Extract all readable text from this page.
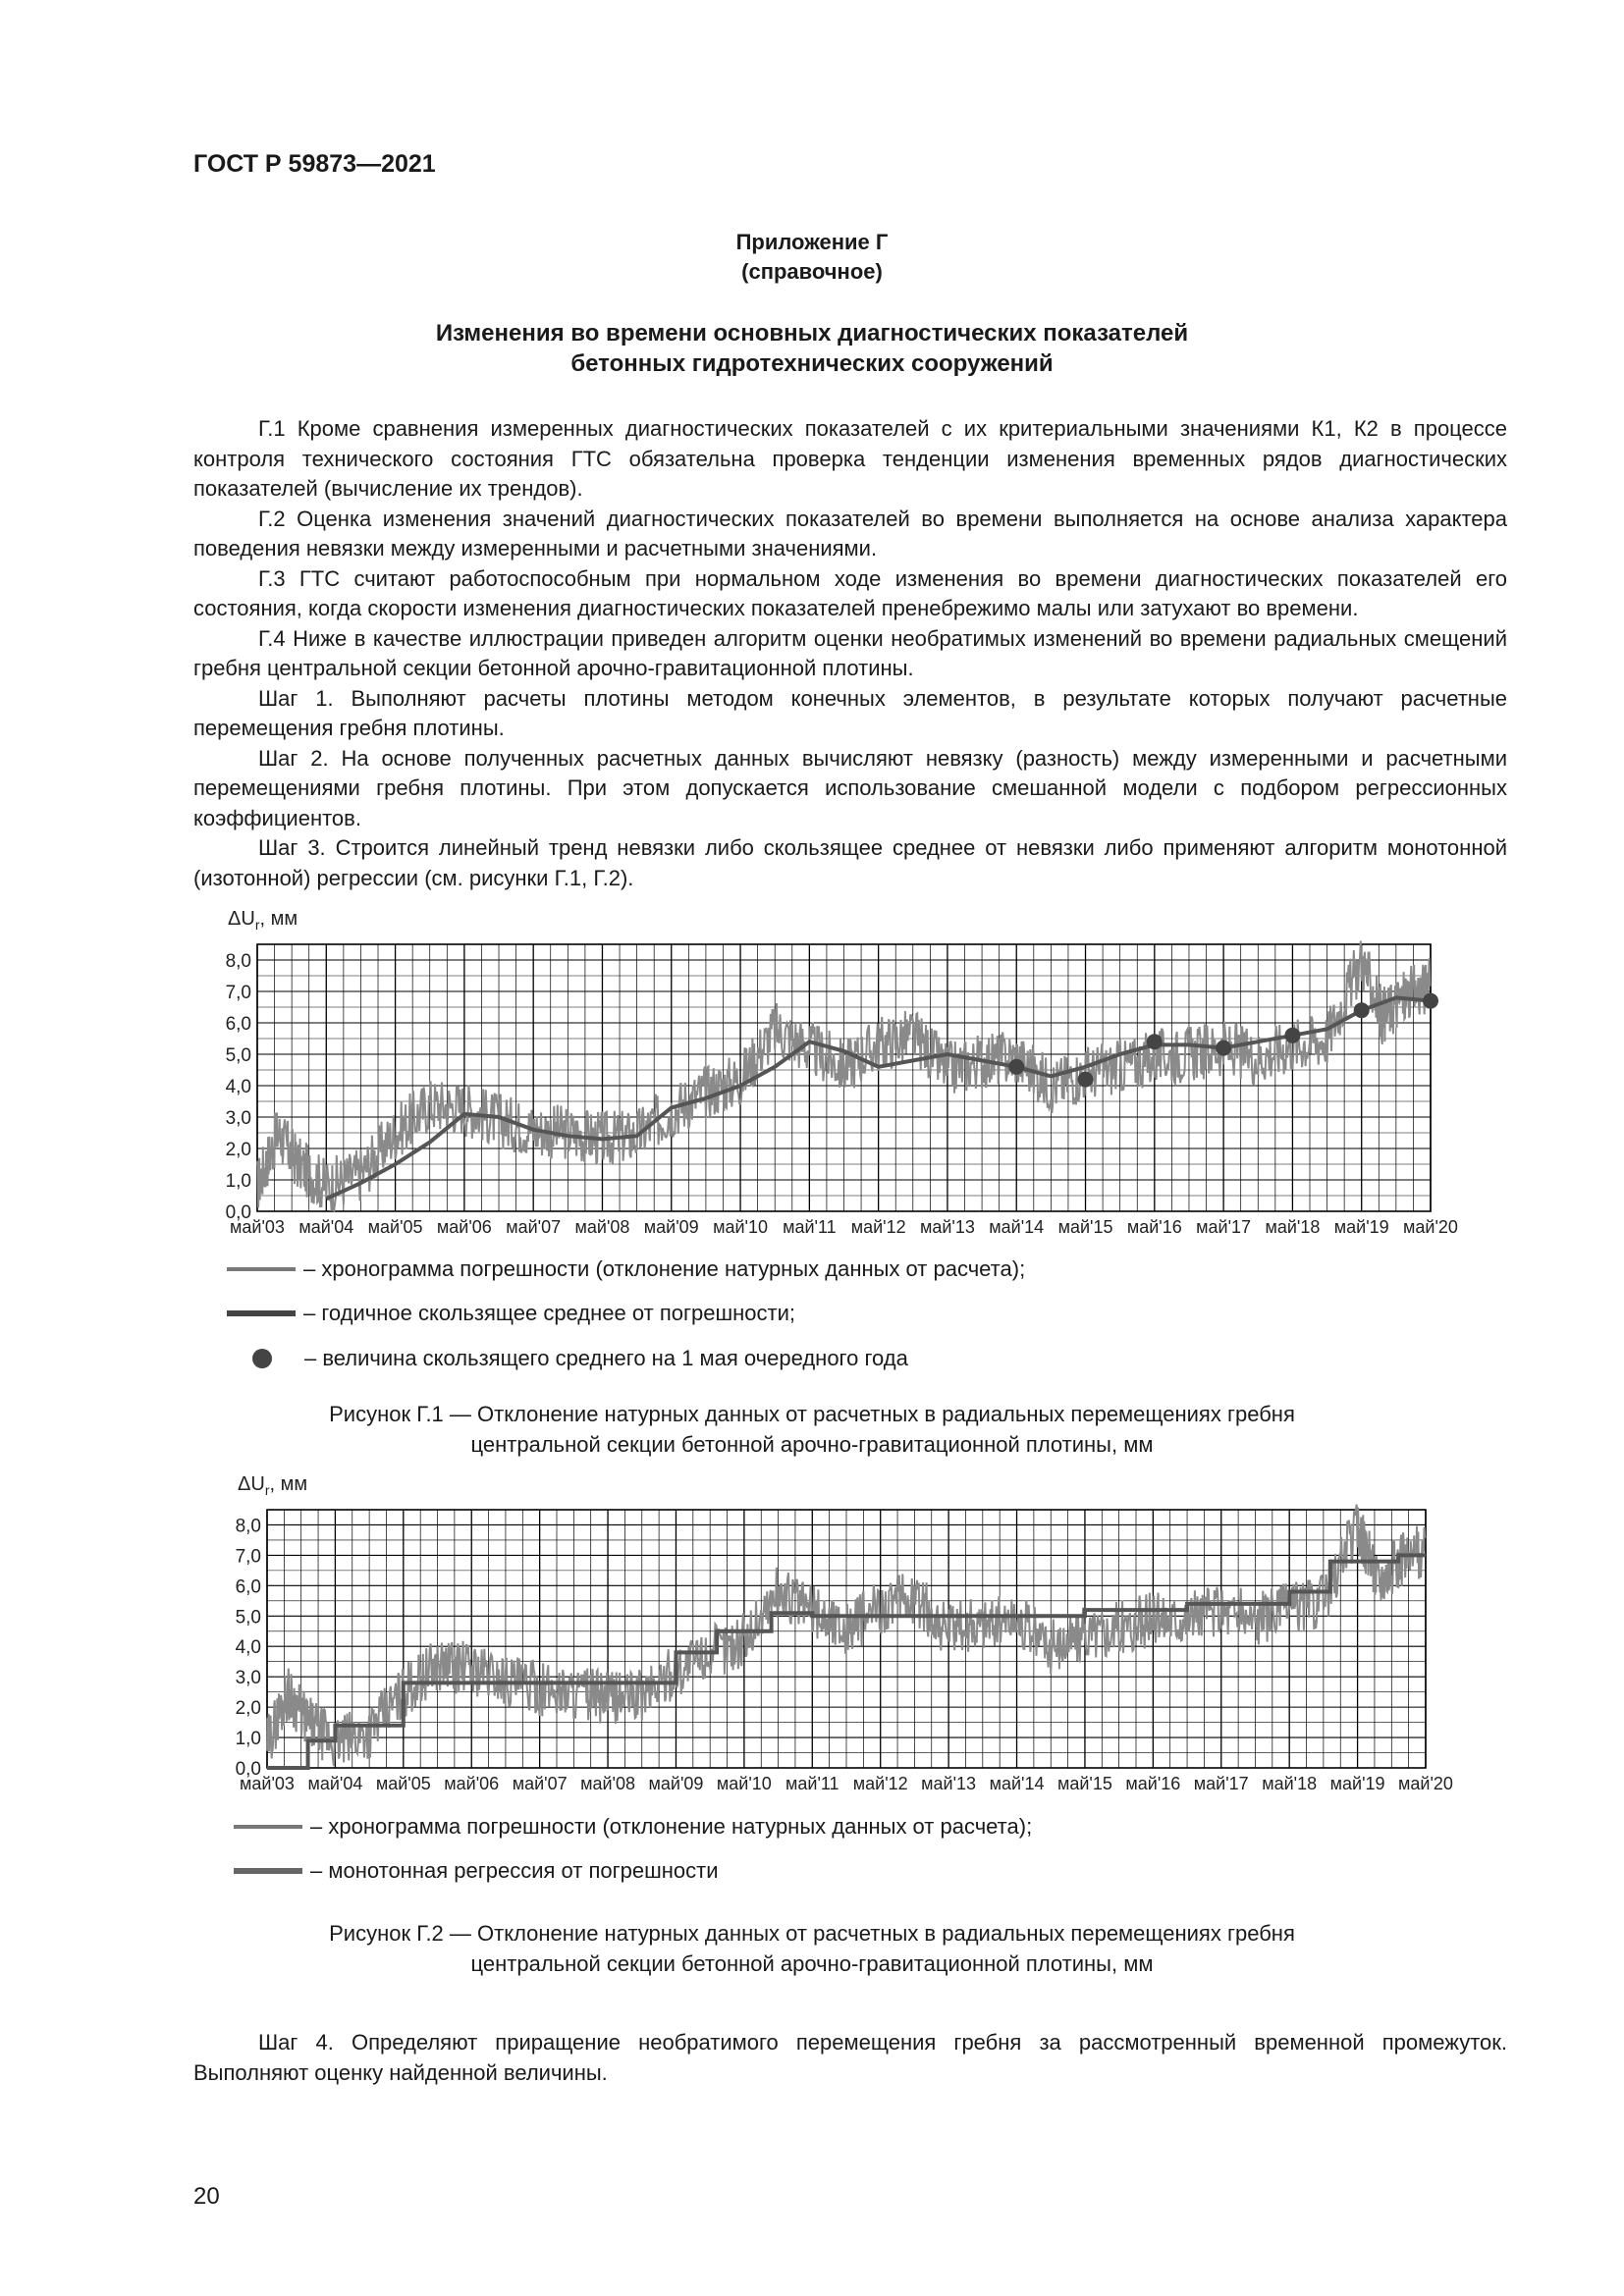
ГОСТ Р 59873—2021
Приложение Г
(справочное)
Изменения во времени основных диагностических показателей
бетонных гидротехнических сооружений

Г.1 Кроме сравнения измеренных диагностических показателей с их критериальными значениями К1, К2 в процессе контроля технического состояния ГТС обязательна проверка тенденции изменения временных рядов диагностических показателей (вычисление их трендов).

Г.2 Оценка изменения значений диагностических показателей во времени выполняется на основе анализа характера поведения невязки между измеренными и расчетными значениями.

Г.3 ГТС считают работоспособным при нормальном ходе изменения во времени диагностических показателей его состояния, когда скорости изменения диагностических показателей пренебрежимо малы или затухают во времени.

Г.4 Ниже в качестве иллюстрации приведен алгоритм оценки необратимых изменений во времени радиальных смещений гребня центральной секции бетонной арочно-гравитационной плотины.

Шаг 1. Выполняют расчеты плотины методом конечных элементов, в результате которых получают расчетные перемещения гребня плотины.

Шаг 2. На основе полученных расчетных данных вычисляют невязку (разность) между измеренными и расчетными перемещениями гребня плотины. При этом допускается использование смешанной модели с подбором регрессионных коэффициентов.

Шаг 3. Строится линейный тренд невязки либо скользящее среднее от невязки либо применяют алгоритм монотонной (изотонной) регрессии (см. рисунки Г.1, Г.2).

$\Delta U_r$, мм
0,0
1,0
2,0
3,0
4,0
5,0
6,0
7,0
8,0
май'03 май'04 май'05 май'06 май'07 май'08 май'09 май'10 май'11 май'12 май'13 май'14 май'15 май'16 май'17 май'18 май'19 май'20
– хронограмма погрешности (отклонение натурных данных от расчета);
– годичное скользящее среднее от погрешности;
– величина скользящего среднего на 1 мая очередного года
Рисунок Г.1 — Отклонение натурных данных от расчетных в радиальных перемещениях гребня
центральной секции бетонной арочно-гравитационной плотины, мм
$\Delta U_r$, мм
0,0
1,0
2,0
3,0
4,0
5,0
6,0
7,0
8,0
май'03 май'04 май'05 май'06 май'07 май'08 май'09 май'10 май'11 май'12 май'13 май'14 май'15 май'16 май'17 май'18 май'19 май'20
– хронограмма погрешности (отклонение натурных данных от расчета);
– монотонная регрессия от погрешности
Рисунок Г.2 — Отклонение натурных данных от расчетных в радиальных перемещениях гребня
центральной секции бетонной арочно-гравитационной плотины, мм
Шаг 4. Определяют приращение необратимого перемещения гребня за рассмотренный временной промежуток. Выполняют оценку найденной величины.
20
